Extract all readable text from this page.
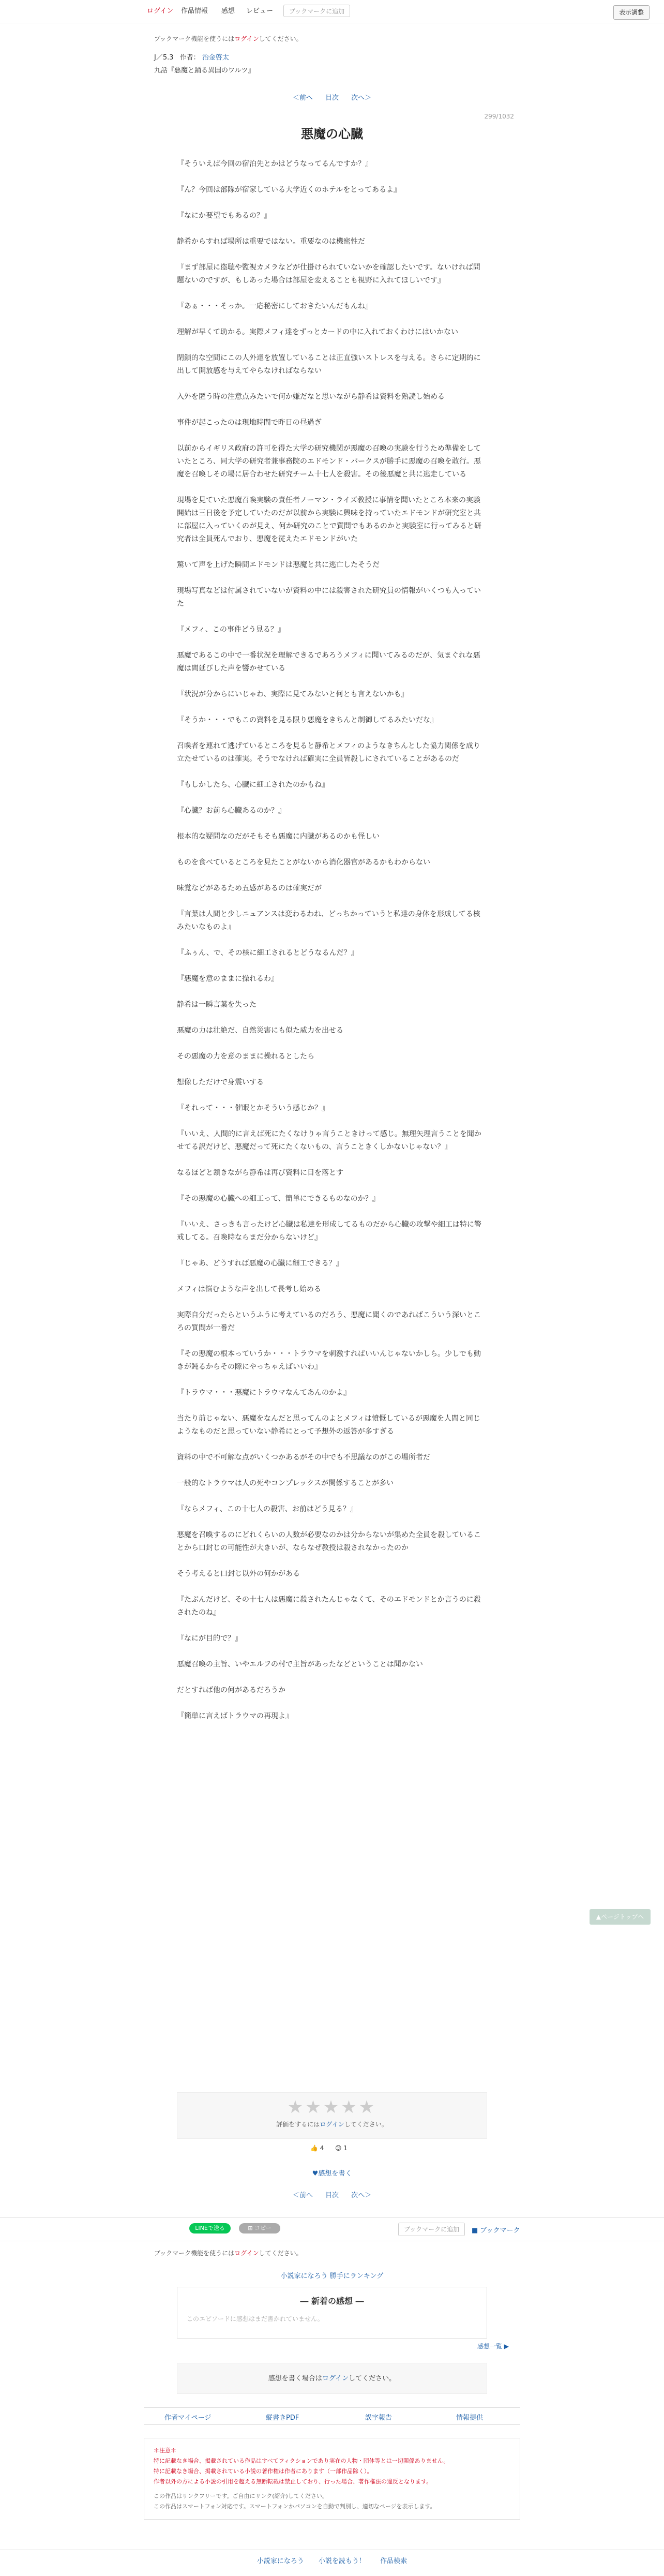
ログイン 作品情報 感想 レビュー	ブックマークに追加	表示調整
ブックマーク機能を使うにはログインしてください。
J／5.3 作者： 治金啓太
九話『悪魔と踊る異国のワルツ』
＜前へ 目次 次へ＞
299/1032
悪魔の心臓

『そういえば今回の宿泊先とかはどうなってるんですか？』

『ん？今回は部隊が宿家している大学近くのホテルをとってあるよ』

『なにか要望でもあるの？』

静希からすれば場所は重要ではない。重要なのは機密性だ

『まず部屋に盗聴や監視カメラなどが仕掛けられていないかを確認したいです。ないければ問題ないのですが、もしあった場合は部屋を変えることも視野に入れてほしいです』

『あぁ・・・そっか。一応秘密にしておきたいんだもんね』

理解が早くて助かる。実際メフィ達をずっとカードの中に入れておくわけにはいかない

閉鎖的な空間にこの人外達を放置していることは正直強いストレスを与える。さらに定期的に出して開放感を与えてやらなければならない

入外を匿う時の注意点みたいで何か嫌だなと思いながら静希は資料を熟読し始める

事件が起こったのは現地時間で昨日の昼過ぎ

以前からイギリス政府の許可を得た大学の研究機関が悪魔の召喚の実験を行うため準備をしていたところ、同大学の研究者兼事務院のエドモンド・パークスが勝手に悪魔の召喚を敢行。悪魔を召喚しその場に居合わせた研究チーム十七人を殺害。その後悪魔と共に逃走している

現場を見ていた悪魔召喚実験の責任者ノーマン・ライズ教授に事情を聞いたところ本来の実験開始は三日後を予定していたのだが以前から実験に興味を持っていたエドモンドが研究室と共に部屋に入っていくのが見え、何か研究のことで質問でもあるのかと実験室に行ってみると研究者は全員死んでおり、悪魔を従えたエドモンドがいた

驚いて声を上げた瞬間エドモンドは悪魔と共に逃亡したそうだ

現場写真などは付属されていないが資料の中には殺害された研究員の情報がいくつも入っていた

『メフィ、この事件どう見る？』

悪魔であるこの中で一番状況を理解できるであろうメフィに聞いてみるのだが、気まぐれな悪魔は間延びした声を響かせている

『状況が分からにいじゃわ、実際に見てみないと何とも言えないかも』

『そうか・・・でもこの資料を見る限り悪魔をきちんと制御してるみたいだな』

召喚者を連れて逃げているところを見ると静希とメフィのようなきちんとした協力関係を成り立たせているのは確実。そうでなければ確実に全員皆殺しにされていることがあるのだ

『もしかしたら、心臓に細工されたのかもね』

『心臓？お前ら心臓あるのか？』

根本的な疑問なのだがそもそも悪魔に内臓があるのかも怪しい

ものを食べているところを見たことがないから消化器官があるかもわからない

味覚などがあるため五感があるのは確実だが

『言葉は人間と少しニュアンスは変わるわね、どっちかっていうと私達の身体を形成してる核みたいなものよ』

『ふぅん、で、その核に細工されるとどうなるんだ？』

『悪魔を意のままに操れるわ』

静希は一瞬言葉を失った

悪魔の力は壮絶だ、自然災害にも似た威力を出せる

その悪魔の力を意のままに操れるとしたら

想像しただけで身震いする

『それって・・・催眠とかそういう感じか？』

『いいえ、人間的に言えば死にたくなけりゃ言うこときけって感じ。無理矢理言うことを聞かせてる訳だけど、悪魔だって死にたくないもの、言うこときくしかないじゃない？』

なるほどと頷きながら静希は再び資料に目を落とす

『その悪魔の心臓への細工って、簡単にできるものなのか？』

『いいえ、さっきも言ったけど心臓は私達を形成してるものだから心臓の攻撃や細工は特に警戒してる。召喚時ならまだ分からないけど』

『じゃあ、どうすれば悪魔の心臓に細工できる？』

メフィは悩むような声を出して長考し始める

実際自分だったらというふうに考えているのだろう、悪魔に聞くのであればこういう深いところの質問が一番だ

『その悪魔の根本っていうか・・・トラウマを刺激すればいいんじゃないかしら。少しでも動きが鈍るからその隙にやっちゃえばいいわ』

『トラウマ・・・悪魔にトラウマなんてあんのかよ』

当たり前じゃない、悪魔をなんだと思ってんのよとメフィは憤慨しているが悪魔を人間と同じようなものだと思っていない静希にとって予想外の返答が多すぎる

資料の中で不可解な点がいくつかあるがその中でも不思議なのがこの場所者だ

一般的なトラウマは人の死やコンプレックスが関係することが多い

『ならメフィ、この十七人の殺害、お前はどう見る？』

悪魔を召喚するのにどれくらいの人数が必要なのかは分からないが集めた全員を殺していることから口封じの可能性が大きいが、ならなぜ教授は殺されなかったのか

そう考えると口封じ以外の何かがある

『たぶんだけど、その十七人は悪魔に殺されたんじゃなくて、そのエドモンドとか言うのに殺されたのね』

『なにが目的で？』

悪魔召喚の主旨、いやエルフの村で主旨があったなどということは聞かない

だとすれば他の何があるだろうか

『簡単に言えばトラウマの再現よ』

▲ページトップへ
★★★★★
評価をするにはログインしてください。
👍 4 😊 1
♥感想を書く
＜前へ 目次 次へ＞
LINEで送る	⊞ コピー	ブックマークに追加	■ ブックマーク
ブックマーク機能を使うにはログインしてください。
小説家になろう 勝手にランキング
― 新着の感想 ―
このエピソードに感想はまだ書かれていません。
感想一覧 ▶
感想を書く場合はログインしてください。
作者マイページ	縦書きPDF	誤字報告	情報提供
＊注意＊
特に記載なき場合、掲載されている作品はすべてフィクションであり実在の人物・団体等とは一切関係ありません。
特に記載なき場合、掲載されている小説の著作権は作者にあります（一部作品除く）。
作者以外の方による小説の引用を超える無断転載は禁止しており、行った場合、著作権法の違反となります。
この作品はリンクフリーです。ご自由にリンク(紹介)してください。
この作品はスマートフォン対応です。スマートフォンかパソコンを自動で判別し、適切なページを表示します。
小説家になろう 小説を読もう！ 作品検索
